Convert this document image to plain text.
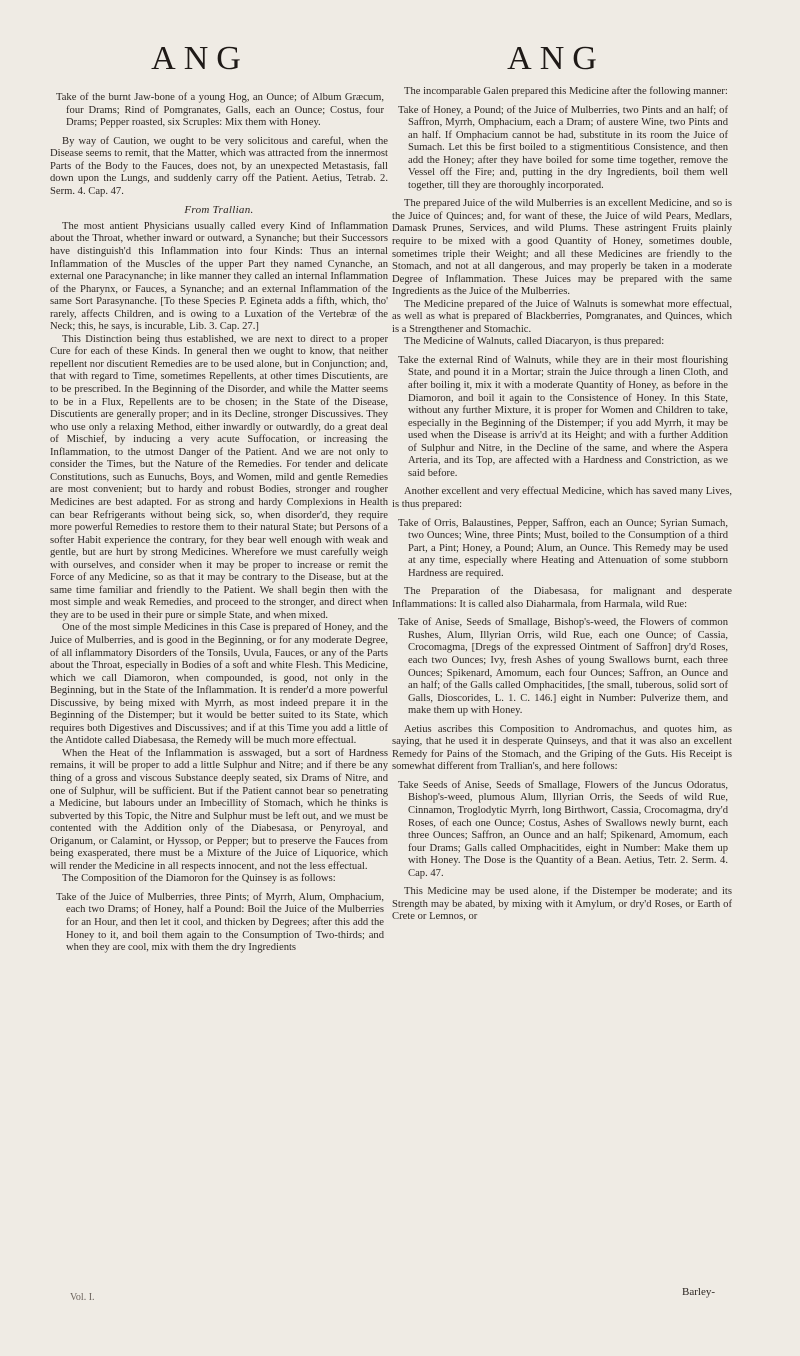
ANG	ANG

Take of the burnt Jaw-bone of a young Hog, an Ounce; of Album Græcum, four Drams; Rind of Pomgranates, Galls, each an Ounce; Costus, four Drams; Pepper roasted, six Scruples: Mix them with Honey.

By way of Caution, we ought to be very solicitous and careful, when the Disease seems to remit, that the Matter, which was attracted from the innermost Parts of the Body to the Fauces, does not, by an unexpected Metastasis, fall down upon the Lungs, and suddenly carry off the Patient. Aetius, Tetrab. 2. Serm. 4. Cap. 47.

From Trallian.

The most antient Physicians usually called every Kind of Inflammation about the Throat, whether inward or outward, a Synanche; but their Successors have distinguish'd this Inflammation into four Kinds: Thus an internal Inflammation of the Muscles of the upper Part they named Cynanche, an external one Paracynanche; in like manner they called an internal Inflammation of the Pharynx, or Fauces, a Synanche; and an external Inflammation of the same Sort Parasynanche. [To these Species P. Egineta adds a fifth, which, tho' rarely, affects Children, and is owing to a Luxation of the Vertebræ of the Neck; this, he says, is incurable, Lib. 3. Cap. 27.]

This Distinction being thus established, we are next to direct to a proper Cure for each of these Kinds. In general then we ought to know, that neither repellent nor discutient Remedies are to be used alone, but in Conjunction; and, that with regard to Time, sometimes Repellents, at other times Discutients, are to be prescribed. In the Beginning of the Disorder, and while the Matter seems to be in a Flux, Repellents are to be chosen; in the State of the Disease, Discutients are generally proper; and in its Decline, stronger Discussives. They who use only a relaxing Method, either inwardly or outwardly, do a great deal of Mischief, by inducing a very acute Suffocation, or increasing the Inflammation, to the utmost Danger of the Patient. And we are not only to consider the Times, but the Nature of the Remedies. For tender and delicate Constitutions, such as Eunuchs, Boys, and Women, mild and gentle Remedies are most convenient; but to hardy and robust Bodies, stronger and rougher Medicines are best adapted. For as strong and hardy Complexions in Health can bear Refrigerants without being sick, so, when disorder'd, they require more powerful Remedies to restore them to their natural State; but Persons of a softer Habit experience the contrary, for they bear well enough with weak and gentle, but are hurt by strong Medicines. Wherefore we must carefully weigh with ourselves, and consider when it may be proper to increase or remit the Force of any Medicine, so as that it may be contrary to the Disease, but at the same time familiar and friendly to the Patient. We shall begin then with the most simple and weak Remedies, and proceed to the stronger, and direct when they are to be used in their pure or simple State, and when mixed.

One of the most simple Medicines in this Case is prepared of Honey, and the Juice of Mulberries, and is good in the Beginning, or for any moderate Degree, of all inflammatory Disorders of the Tonsils, Uvula, Fauces, or any of the Parts about the Throat, especially in Bodies of a soft and white Flesh. This Medicine, which we call Diamoron, when compounded, is good, not only in the Beginning, but in the State of the Inflammation. It is render'd a more powerful Discussive, by being mixed with Myrrh, as most indeed prepare it in the Beginning of the Distemper; but it would be better suited to its State, which requires both Digestives and Discussives; and if at this Time you add a little of the Antidote called Diabesasa, the Remedy will be much more effectual.

When the Heat of the Inflammation is asswaged, but a sort of Hardness remains, it will be proper to add a little Sulphur and Nitre; and if there be any thing of a gross and viscous Substance deeply seated, six Drams of Nitre, and one of Sulphur, will be sufficient. But if the Patient cannot bear so penetrating a Medicine, but labours under an Imbecillity of Stomach, which he thinks is subverted by this Topic, the Nitre and Sulphur must be left out, and we must be contented with the Addition only of the Diabesasa, or Penyroyal, and Origanum, or Calamint, or Hyssop, or Pepper; but to preserve the Fauces from being exasperated, there must be a Mixture of the Juice of Liquorice, which will render the Medicine in all respects innocent, and not the less effectual.

The Composition of the Diamoron for the Quinsey is as follows:

Take of the Juice of Mulberries, three Pints; of Myrrh, Alum, Omphacium, each two Drams; of Honey, half a Pound: Boil the Juice of the Mulberries for an Hour, and then let it cool, and thicken by Degrees; after this add the Honey to it, and boil them again to the Consumption of Two-thirds; and when they are cool, mix with them the dry Ingredients

The incomparable Galen prepared this Medicine after the following manner:

Take of Honey, a Pound; of the Juice of Mulberries, two Pints and an half; of Saffron, Myrrh, Omphacium, each a Dram; of austere Wine, two Pints and an half. If Omphacium cannot be had, substitute in its room the Juice of Sumach. Let this be first boiled to a stigmentitious Consistence, and then add the Honey; after they have boiled for some time together, remove the Vessel off the Fire; and, putting in the dry Ingredients, boil them well together, till they are thoroughly incorporated.

The prepared Juice of the wild Mulberries is an excellent Medicine, and so is the Juice of Quinces; and, for want of these, the Juice of wild Pears, Medlars, Damask Prunes, Services, and wild Plums. These astringent Fruits plainly require to be mixed with a good Quantity of Honey, sometimes double, sometimes triple their Weight; and all these Medicines are friendly to the Stomach, and not at all dangerous, and may properly be taken in a moderate Degree of Inflammation. These Juices may be prepared with the same Ingredients as the Juice of the Mulberries.

The Medicine prepared of the Juice of Walnuts is somewhat more effectual, as well as what is prepared of Blackberries, Pomgranates, and Quinces, which is a Strengthener and Stomachic.

The Medicine of Walnuts, called Diacaryon, is thus prepared:

Take the external Rind of Walnuts, while they are in their most flourishing State, and pound it in a Mortar; strain the Juice through a linen Cloth, and after boiling it, mix it with a moderate Quantity of Honey, as before in the Diamoron, and boil it again to the Consistence of Honey. In this State, without any further Mixture, it is proper for Women and Children to take, especially in the Beginning of the Distemper; if you add Myrrh, it may be used when the Disease is arriv'd at its Height; and with a further Addition of Sulphur and Nitre, in the Decline of the same, and where the Aspera Arteria, and its Top, are affected with a Hardness and Constriction, as we said before.

Another excellent and very effectual Medicine, which has saved many Lives, is thus prepared:

Take of Orris, Balaustines, Pepper, Saffron, each an Ounce; Syrian Sumach, two Ounces; Wine, three Pints; Must, boiled to the Consumption of a third Part, a Pint; Honey, a Pound; Alum, an Ounce. This Remedy may be used at any time, especially where Heating and Attenuation of some stubborn Hardness are required.

The Preparation of the Diabesasa, for malignant and desperate Inflammations: It is called also Diaharmala, from Harmala, wild Rue:

Take of Anise, Seeds of Smallage, Bishop's-weed, the Flowers of common Rushes, Alum, Illyrian Orris, wild Rue, each one Ounce; of Cassia, Crocomagma, [Dregs of the expressed Ointment of Saffron] dry'd Roses, each two Ounces; Ivy, fresh Ashes of young Swallows burnt, each three Ounces; Spikenard, Amomum, each four Ounces; Saffron, an Ounce and an half; of the Galls called Omphacitides, [the small, tuberous, solid sort of Galls, Dioscorides, L. 1. C. 146.] eight in Number: Pulverize them, and make them up with Honey.

Aetius ascribes this Composition to Andromachus, and quotes him, as saying, that he used it in desperate Quinseys, and that it was also an excellent Remedy for Pains of the Stomach, and the Griping of the Guts. His Receipt is somewhat different from Trallian's, and here follows:

Take Seeds of Anise, Seeds of Smallage, Flowers of the Juncus Odoratus, Bishop's-weed, plumous Alum, Illyrian Orris, the Seeds of wild Rue, Cinnamon, Troglodytic Myrrh, long Birthwort, Cassia, Crocomagma, dry'd Roses, of each one Ounce; Costus, Ashes of Swallows newly burnt, each three Ounces; Saffron, an Ounce and an half; Spikenard, Amomum, each four Drams; Galls called Omphacitides, eight in Number: Make them up with Honey. The Dose is the Quantity of a Bean. Aetius, Tetr. 2. Serm. 4. Cap. 47.

This Medicine may be used alone, if the Distemper be moderate; and its Strength may be abated, by mixing with it Amylum, or dry'd Roses, or Earth of Crete or Lemnos, or

Barley-
Vol. I.
